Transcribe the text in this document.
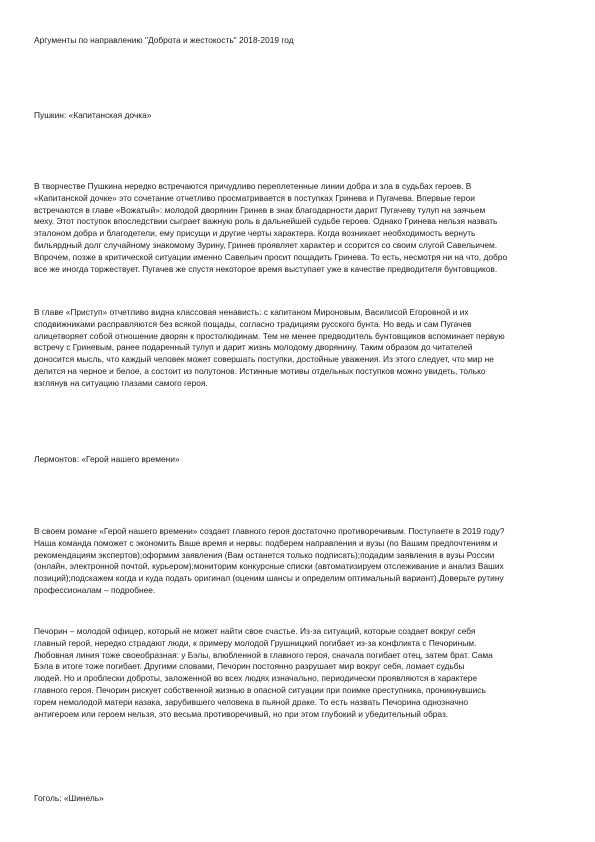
Аргументы по направлению "Доброта и жестокость" 2018-2019 год
Пушкин: «Капитанская дочка»
В творчестве Пушкина нередко встречаются причудливо переплетенные линии добра и зла в судьбах героев. В
«Капитанской дочке» это сочетание отчетливо просматривается в поступках Гринева и Пугачева. Впервые герои
встречаются в главе «Вожатый»: молодой дворянин Гринев в знак благодарности дарит Пугачеву тулуп на заячьем
меху. Этот поступок впоследствии сыграет важную роль в дальнейшей судьбе героев. Однако Гринева нельзя назвать
эталоном добра и благодетели, ему присущи и другие черты характера. Когда возникает необходимость вернуть
бильярдный долг случайному знакомому Зурину, Гринев проявляет характер и ссорится со своим слугой Савельичем.
Впрочем, позже в критической ситуации именно Савельич просит пощадить Гринева. То есть, несмотря ни на что, добро
все же иногда торжествует. Пугачев же спустя некоторое время выступает уже в качестве предводителя бунтовщиков.
В главе «Приступ» отчетливо видна классовая ненависть: с капитаном Мироновым, Василисой Егоровной и их
сподвижниками расправляются без всякой пощады, согласно традициям русского бунта. Но ведь и сам Пугачев
олицетворяет собой отношение дворян к простолюдинам. Тем не менее предводитель бунтовщиков вспоминает первую
встречу с Гриневым, ранее подаренный тулуп и дарит жизнь молодому дворянину. Таким образом до читателей
доносится мысль, что каждый человек может совершать поступки, достойные уважения. Из этого следует, что мир не
делится на черное и белое, а состоит из полутонов. Истинные мотивы отдельных поступков можно увидеть, только
взглянув на ситуацию глазами самого героя.
Лермонтов: «Герой нашего времени»
В своем романе «Герой нашего времени» создает главного героя достаточно противоречивым. Поступаете в 2019 году?
Наша команда поможет с экономить Ваше время и нервы: подберем направления и вузы (по Вашим предпочтениям и
рекомендациям экспертов);оформим заявления (Вам останется только подписать);подадим заявления в вузы России
(онлайн, электронной почтой, курьером);мониторим конкурсные списки (автоматизируем отслеживание и анализ Ваших
позиций);подскажем когда и куда подать оригинал (оценим шансы и определим оптимальный вариант).Доверьте рутину
профессионалам – подробнее.
Печорин – молодой офицер, который не может найти свое счастье. Из-за ситуаций, которые создает вокруг себя
главный герой, нередко страдают люди, к примеру молодой Грушницкий погибает из-за конфликта с Печориным.
Любовная линия тоже своеобразная: у Бэлы, влюбленной в главного героя, сначала погибает отец, затем брат. Сама
Бэла в итоге тоже погибает. Другими словами, Печорин постоянно разрушает мир вокруг себя, ломает судьбы
людей. Но и проблески доброты, заложенной во всех людях изначально, периодически проявляются в характере
главного героя. Печорин рискует собственной жизнью в опасной ситуации при поимке преступника, проникнувшись
горем немолодой матери казака, зарубившего человека в пьяной драке. То есть назвать Печорина однозначно
антигероем или героем нельзя, это весьма противоречивый, но при этом глубокий и убедительный образ.
Гоголь: «Шинель»
